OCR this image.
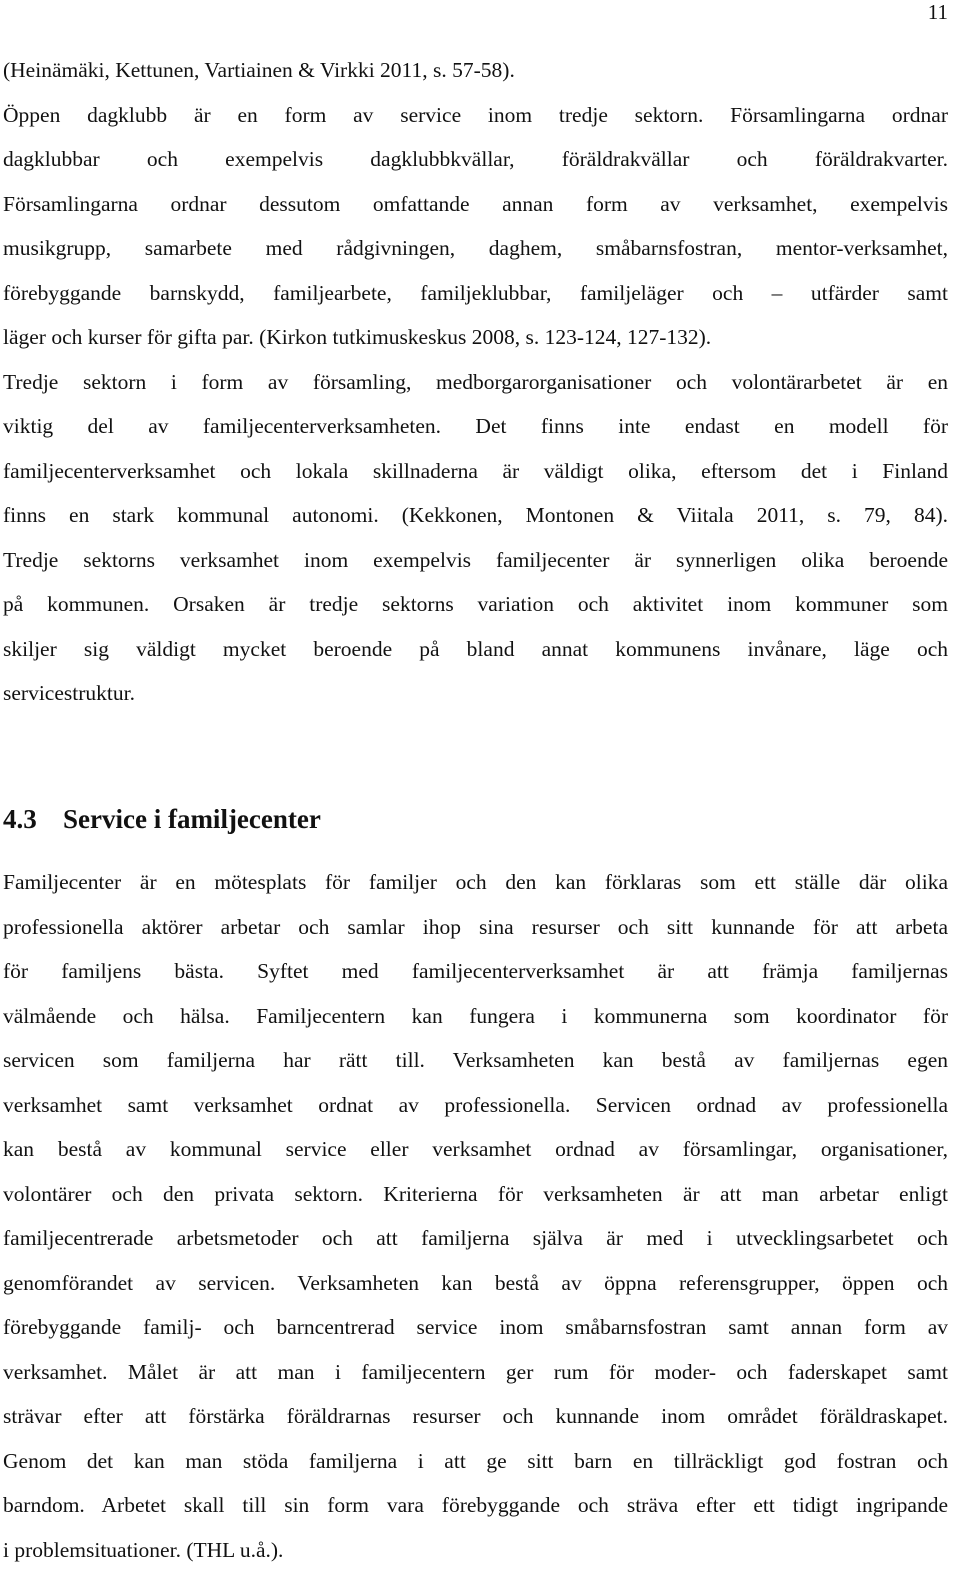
11
(Heinämäki, Kettunen, Vartiainen & Virkki 2011, s. 57-58).
Öppen dagklubb är en form av service inom tredje sektorn. Församlingarna ordnar
dagklubbar och exempelvis dagklubbkvällar, föräldrakvällar och föräldrakvarter.
Församlingarna ordnar dessutom omfattande annan form av verksamhet, exempelvis
musikgrupp, samarbete med rådgivningen, daghem, småbarnsfostran, mentor-verksamhet,
förebyggande barnskydd, familjearbete, familjeklubbar, familjeläger och – utfärder samt
läger och kurser för gifta par. (Kirkon tutkimuskeskus 2008, s. 123-124, 127-132).
Tredje sektorn i form av församling, medborgarorganisationer och volontärarbetet är en
viktig del av familjecenterverksamheten. Det finns inte endast en modell för
familjecenterverksamhet och lokala skillnaderna är väldigt olika, eftersom det i Finland
finns en stark kommunal autonomi. (Kekkonen, Montonen & Viitala 2011, s. 79, 84).
Tredje sektorns verksamhet inom exempelvis familjecenter är synnerligen olika beroende
på kommunen. Orsaken är tredje sektorns variation och aktivitet inom kommuner som
skiljer sig väldigt mycket beroende på bland annat kommunens invånare, läge och
servicestruktur.
4.3 Service i familjecenter
Familjecenter är en mötesplats för familjer och den kan förklaras som ett ställe där olika
professionella aktörer arbetar och samlar ihop sina resurser och sitt kunnande för att arbeta
för familjens bästa. Syftet med familjecenterverksamhet är att främja familjernas
välmående och hälsa. Familjecentern kan fungera i kommunerna som koordinator för
servicen som familjerna har rätt till. Verksamheten kan bestå av familjernas egen
verksamhet samt verksamhet ordnat av professionella. Servicen ordnad av professionella
kan bestå av kommunal service eller verksamhet ordnad av församlingar, organisationer,
volontärer och den privata sektorn. Kriterierna för verksamheten är att man arbetar enligt
familjecentrerade arbetsmetoder och att familjerna själva är med i utvecklingsarbetet och
genomförandet av servicen. Verksamheten kan bestå av öppna referensgrupper, öppen och
förebyggande familj- och barncentrerad service inom småbarnsfostran samt annan form av
verksamhet. Målet är att man i familjecentern ger rum för moder- och faderskapet samt
strävar efter att förstärka föräldrarnas resurser och kunnande inom området föräldraskapet.
Genom det kan man stöda familjerna i att ge sitt barn en tillräckligt god fostran och
barndom. Arbetet skall till sin form vara förebyggande och sträva efter ett tidigt ingripande
i problemsituationer. (THL u.å.).
